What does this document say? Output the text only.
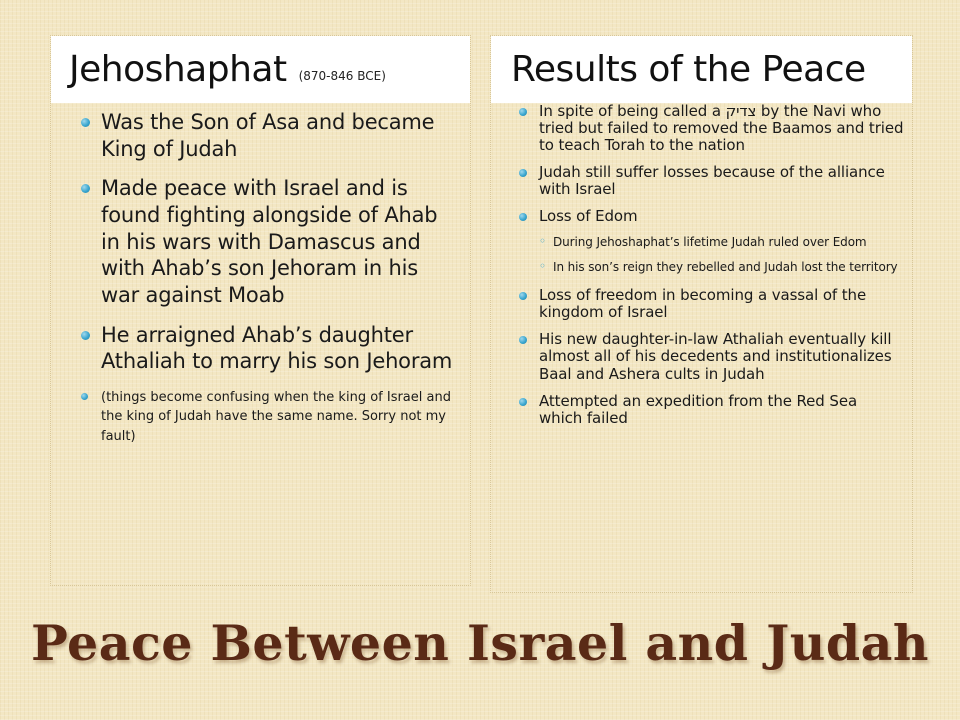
Jehoshaphat (870-846 BCE)
Was the Son of Asa and became King of Judah
Made peace with Israel and is found fighting alongside of Ahab in his wars with Damascus and with Ahab’s son Jehoram in his war against Moab
He arraigned Ahab’s daughter Athaliah to marry his son Jehoram
(things become confusing when the king of Israel and the king of Judah have the same name. Sorry not my fault)
Results of the Peace
In spite of being called a צדיק by the Navi who tried but failed to removed the Baamos and tried to teach Torah to the nation
Judah still suffer losses because of the alliance with Israel
Loss of Edom
◦ During Jehoshaphat’s lifetime Judah ruled over Edom
◦ In his son’s reign they rebelled and Judah lost the territory
Loss of freedom in becoming a vassal of the kingdom of Israel
His new daughter-in-law Athaliah eventually kill almost all of his decedents and institutionalizes Baal and Ashera cults in Judah
Attempted an expedition from the Red Sea which failed
Peace Between Israel and Judah
